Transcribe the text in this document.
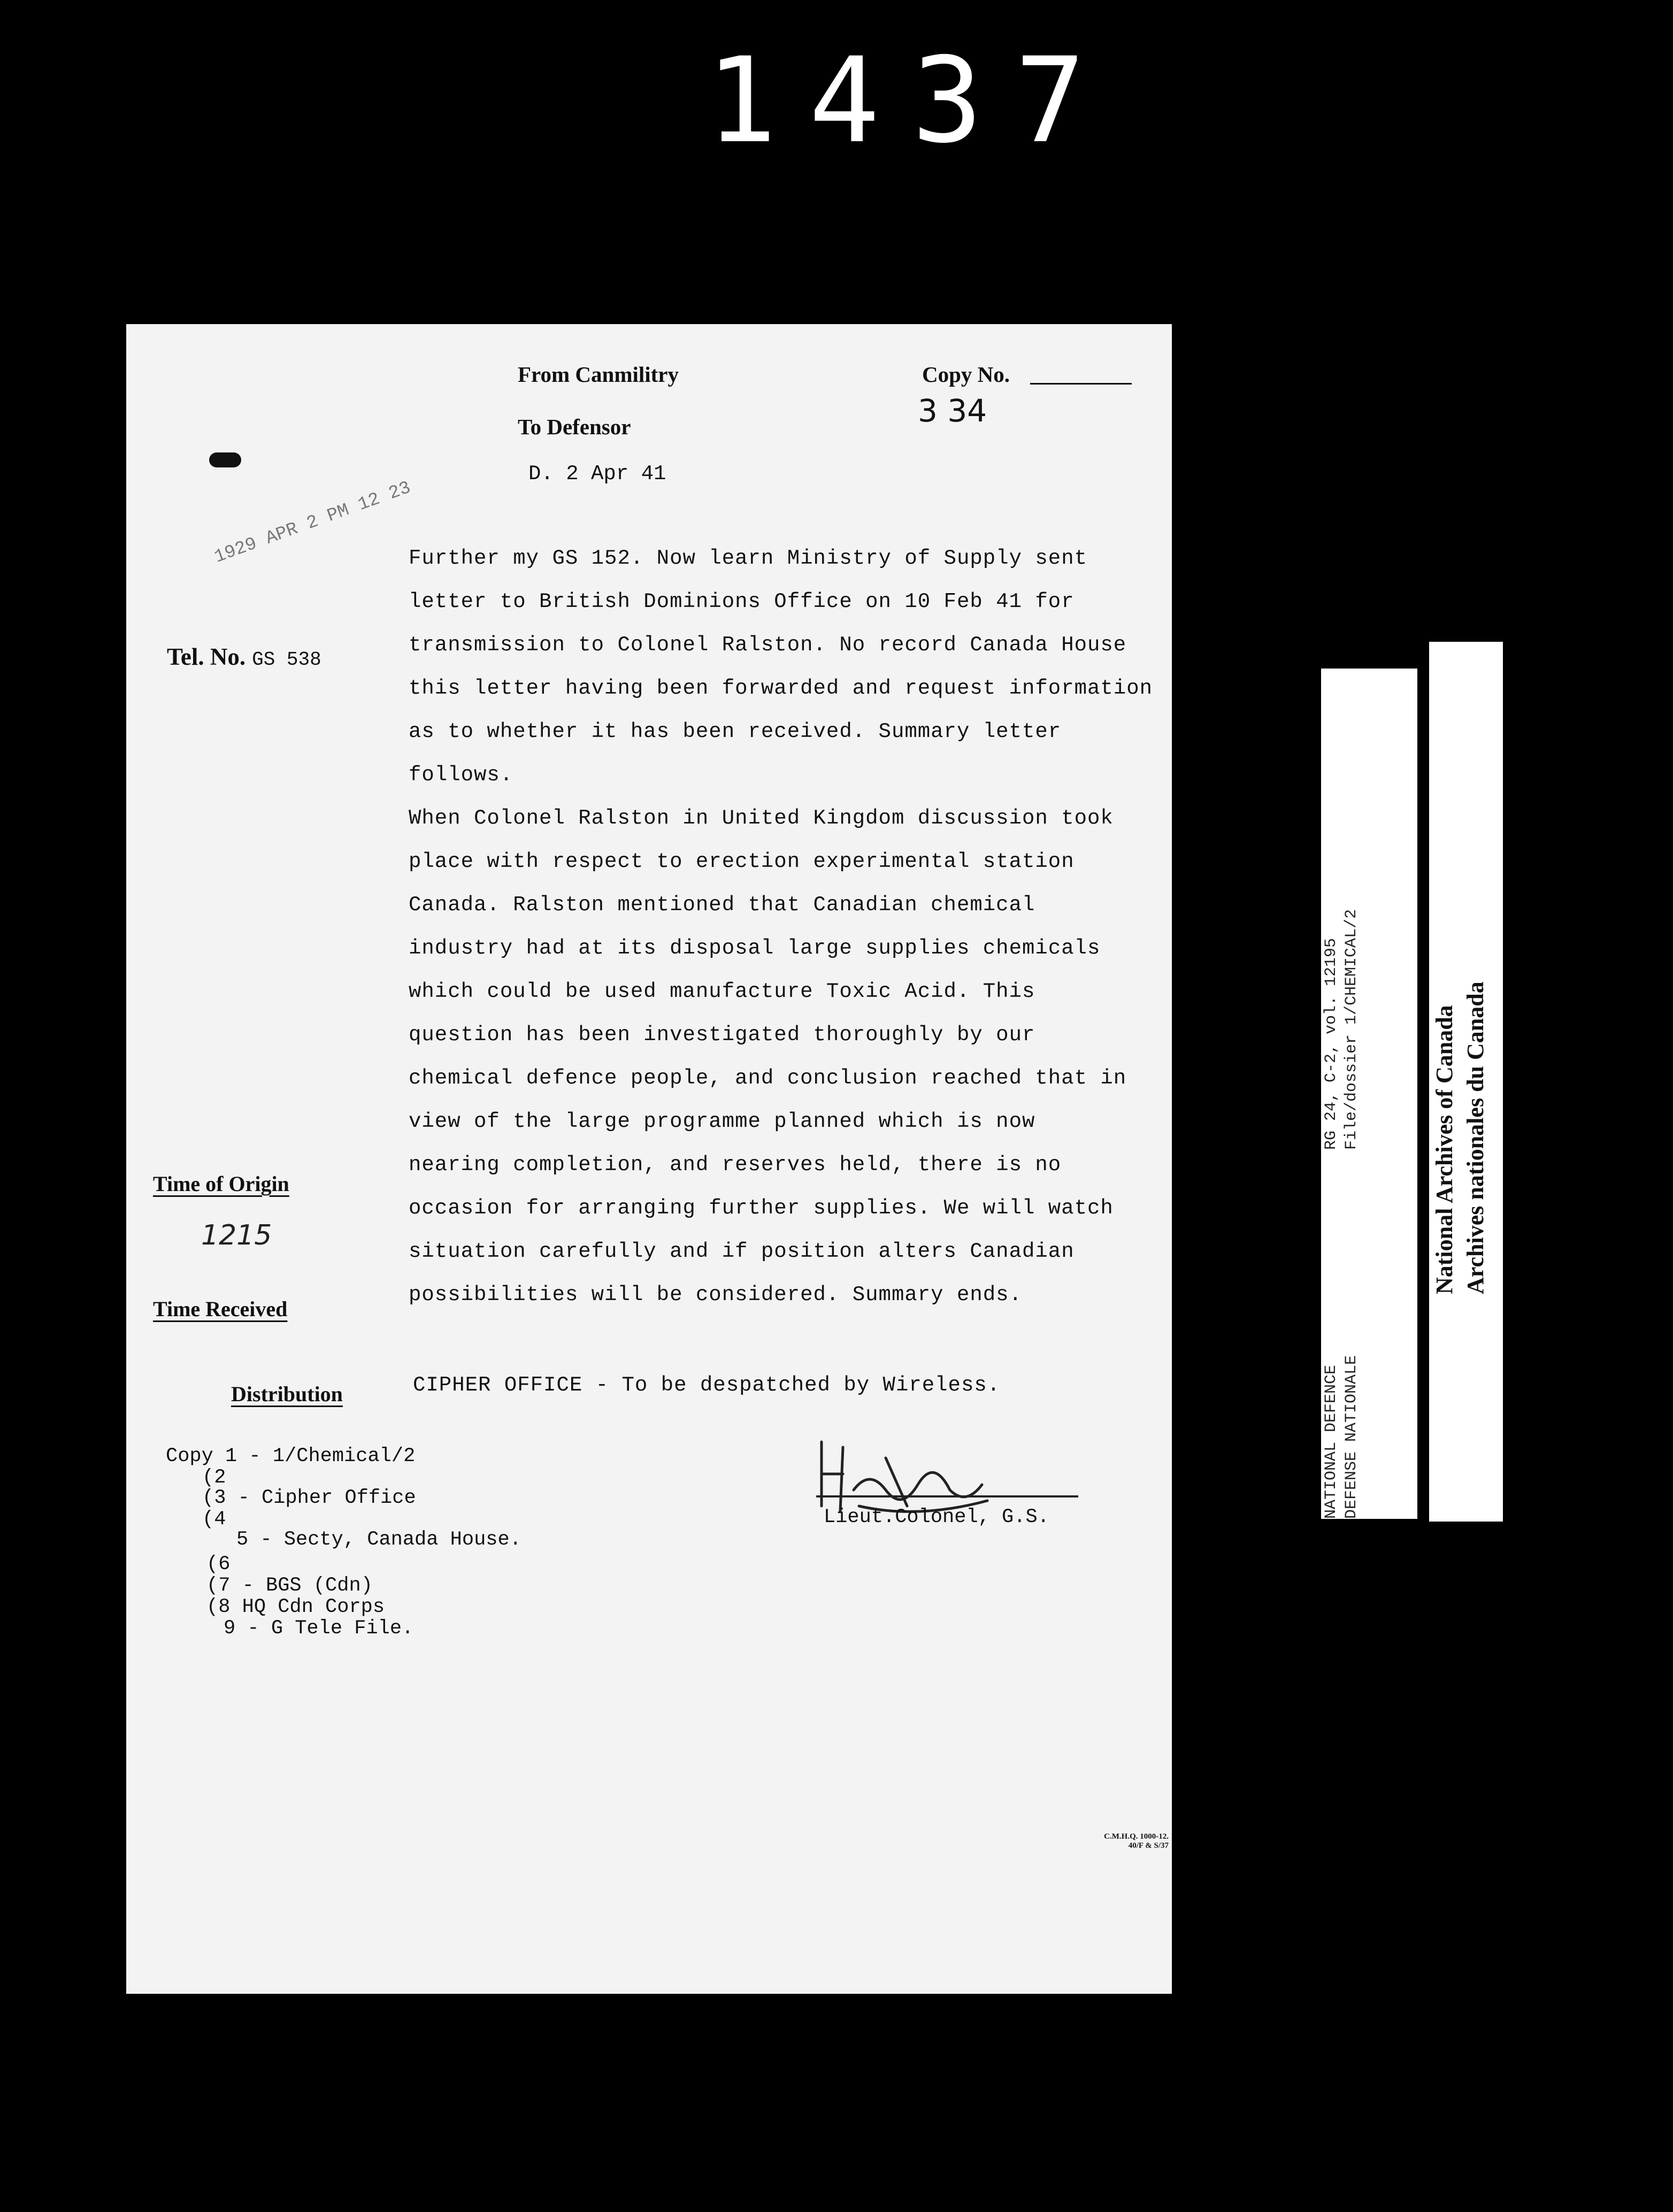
1437
From Canmilitry
To Defensor
D. 2 Apr 41
Copy No.
3 34
1929 APR 2 PM 12 23
Tel. No. GS 538
Further my GS 152. Now learn Ministry of Supply sent
letter to British Dominions Office on 10 Feb 41 for
transmission to Colonel Ralston. No record Canada House
this letter having been forwarded and request information
as to whether it has been received. Summary letter
follows.
When Colonel Ralston in United Kingdom discussion took
place with respect to erection experimental station
Canada. Ralston mentioned that Canadian chemical
industry had at its disposal large supplies chemicals
which could be used manufacture Toxic Acid. This
question has been investigated thoroughly by our
chemical defence people, and conclusion reached that in
view of the large programme planned which is now
nearing completion, and reserves held, there is no
occasion for arranging further supplies. We will watch
situation carefully and if position alters Canadian
possibilities will be considered. Summary ends.
Time of Origin
1215
Time Received
Distribution	CIPHER OFFICE - To be despatched by Wireless.
Copy 1 - 1/Chemical/2
(2
(3 - Cipher Office
(4
5 - Secty, Canada House.
(6
(7 - BGS (Cdn)
(8 HQ Cdn Corps
9 - G Tele File.
Lieut.Colonel, G.S.
C.M.H.Q. 1000-12.
40/F & S/37
RG 24, C-2, vol. 12195 File/dossier 1/CHEMICAL/2
NATIONAL DEFENCE DEFENSE NATIONALE
National Archives of Canada Archives nationales du Canada
